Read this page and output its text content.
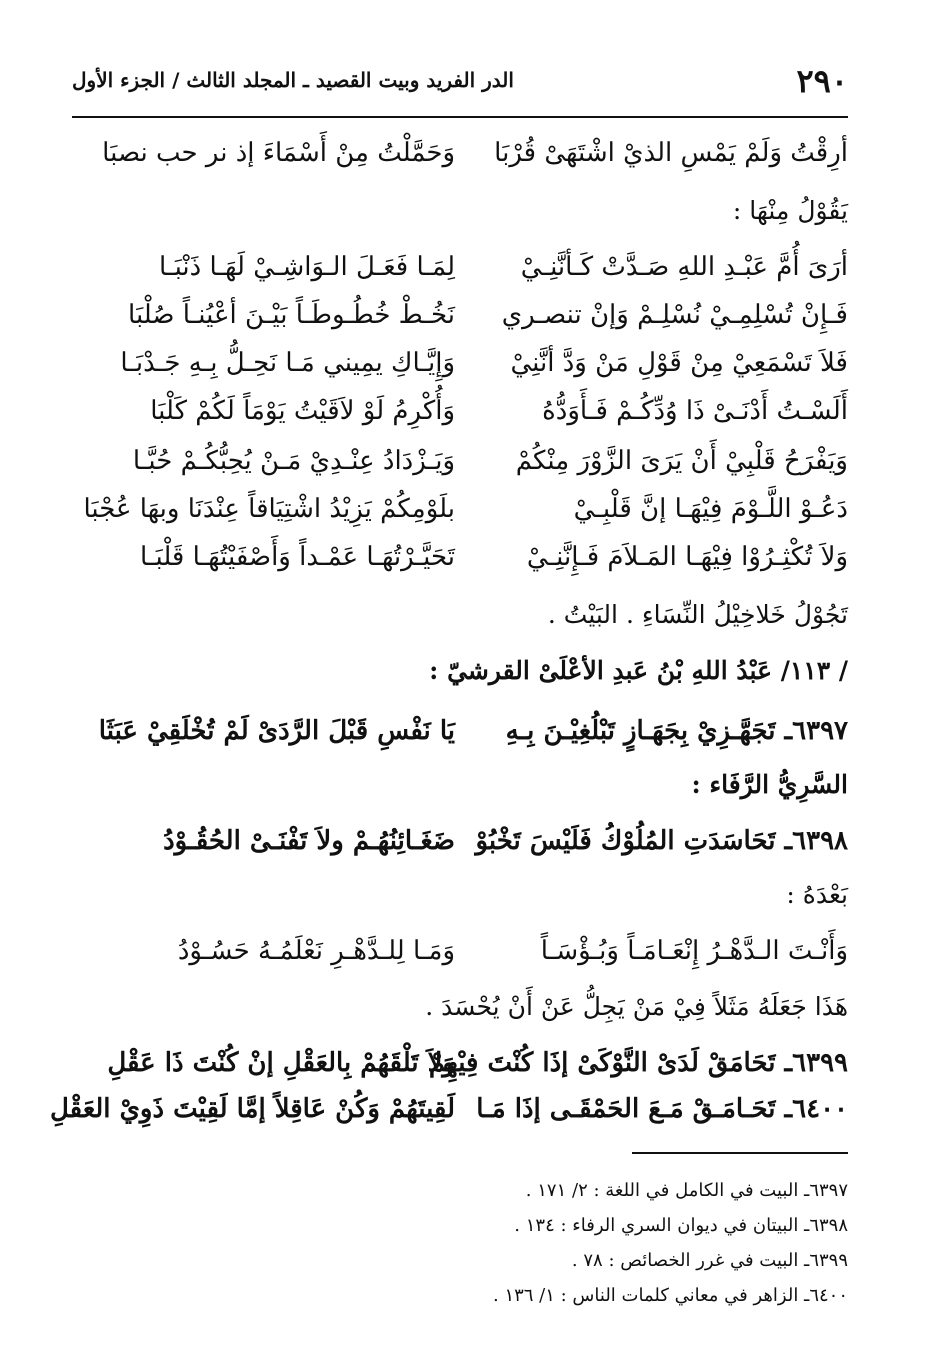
٢٩٠
الدر الفريد وبيت القصيد ـ المجلد الثالث / الجزء الأول
أرِقْتُ وَلَمْ يَمْسِ الذيْ اشْتَهَىْ قُرْبَا
وَحَمَّلْتُ مِنْ أَسْمَاءَ إذ نر حب نصبَا
يَقُوْلُ مِنْهَا :
أرَىَ أُمَّ عَبْـدِ اللهِ صَـدَّتْ كَـأنَّنِـيْ
لِمَـا فَعَـلَ الـوَاشِـيْ لَهَـا ذَنْبَـا
فَـإِنْ تُسْلِمِـيْ نُسْلِـمْ وَإنْ تنصـري
نَخُـطْ خُطُـوطَـاً بَيْـنَ أعْيُنـاً صُلْبَا
فَلاَ تَسْمَعِيْ مِنْ قَوْلِ مَنْ وَدَّ أنَّنِيْ
وَإِيَّـاكِ يمِيني مَـا نَحِـلُّ بِـهِ جَـدْبَـا
أَلَسْـتُ أَدْنَـىْ ذَا وُدِّكُـمْ فَـأَوَدُّهُ
وَأُكْرِمُ لَوْ لاَقَيْتُ يَوْمَاً لَكُمْ كَلْبَا
وَيَفْرَحُ قَلْبِيْ أَنْ يَرَىَ الزَّوْرَ مِنْكُمْ
وَيَـزْدَادُ عِنْـدِيْ مَـنْ يُحِبُّكُـمْ حُبَّـا
دَعُـوْ اللَّـوْمَ فِيْهَـا إنَّ قَلْبِـيْ
بلَوْمِكُمْ يَزِيْدُ اشْتِيَاقاً عِنْدَنَا وبهَا عُجْبَا
وَلاَ تُكْثِـرُوْا فِيْهَـا المَـلاَمَ فَـإِنَّنِـيْ
تَحَيَّـرْتُهَـا عَمْـداً وَأَصْفَيْتُهَـا قَلْبَـا
تَجُوْلُ خَلاخِيْلُ النِّسَاءِ . البَيْتُ .
/ ١١٣/ عَبْدُ اللهِ بْنُ عَبدِ الأعْلَىْ القرشيّ :
٦٣٩٧ـ تَجَهَّـزِيْ بِجَهَـازٍ تَبْلُغِيْـنَ بِـهِ
يَا نَفْسِ قَبْلَ الرَّدَىْ لَمْ تُخْلَقِيْ عَبَثَا
السَّرِيُّ الرَّفَاء :
٦٣٩٨ـ تَحَاسَدَتِ المُلُوْكُ فَلَيْسَ تَخْبُوْ
ضَغَـائِنُهُـمْ ولاَ تَفْنَـىْ الحُقُـوْدُ
بَعْدَهُ :
وَأَنْـتَ الـدَّهْـرُ إِنْعَـامَـاً وَبُـؤْسَـاً
وَمَـا لِلـدَّهْـرِ نَعْلَمُـهُ حَسُـوْدُ
هَذَا جَعَلَهُ مَثَلاً فِيْ مَنْ يَجِلُّ عَنْ أَنْ يُحْسَدَ .
٦٣٩٩ـ تَحَامَقْ لَدَىْ النَّوْكَىْ إذَا كُنْتَ فِيْهِمْ
وَلاَ تَلْقَهُمْ بِالعَقْلِ إنْ كُنْتَ ذَا عَقْلِ
٦٤٠٠ـ تَحَـامَـقْ مَـعَ الحَمْقَـى إذَا مَـا
لَقِيتَهُمْ وَكُنْ عَاقِلاً إمَّا لَقِيْتَ ذَوِيْ العَقْلِ
٦٣٩٧ـ البيت في الكامل في اللغة : ٢/ ١٧١ .
٦٣٩٨ـ البيتان في ديوان السري الرفاء : ١٣٤ .
٦٣٩٩ـ البيت في غرر الخصائص : ٧٨ .
٦٤٠٠ـ الزاهر في معاني كلمات الناس : ١/ ١٣٦ .
